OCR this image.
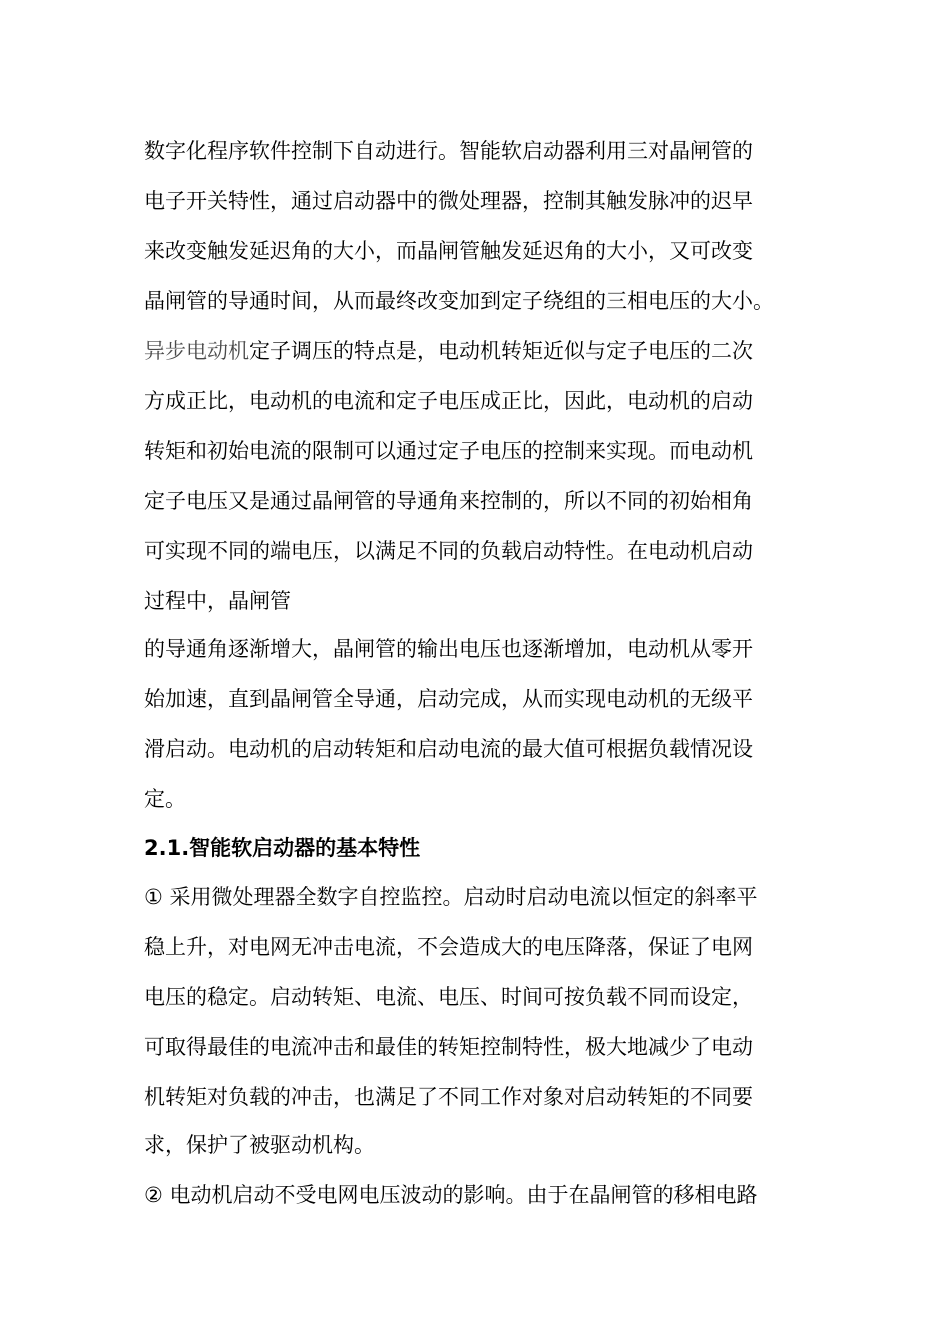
数字化程序软件控制下自动进行。智能软启动器利用三对晶闸管的
电子开关特性，通过启动器中的微处理器，控制其触发脉冲的迟早
来改变触发延迟角的大小，而晶闸管触发延迟角的大小，又可改变
晶闸管的导通时间，从而最终改变加到定子绕组的三相电压的大小。
异步电动机定子调压的特点是，电动机转矩近似与定子电压的二次
方成正比，电动机的电流和定子电压成正比，因此，电动机的启动
转矩和初始电流的限制可以通过定子电压的控制来实现。而电动机
定子电压又是通过晶闸管的导通角来控制的，所以不同的初始相角
可实现不同的端电压，以满足不同的负载启动特性。在电动机启动
过程中，晶闸管
的导通角逐渐增大，晶闸管的输出电压也逐渐增加，电动机从零开
始加速，直到晶闸管全导通，启动完成，从而实现电动机的无级平
滑启动。电动机的启动转矩和启动电流的最大值可根据负载情况设
定。
2.1.智能软启动器的基本特性
① 采用微处理器全数字自控监控。启动时启动电流以恒定的斜率平
稳上升，对电网无冲击电流，不会造成大的电压降落，保证了电网
电压的稳定。启动转矩、电流、电压、时间可按负载不同而设定，
可取得最佳的电流冲击和最佳的转矩控制特性，极大地减少了电动
机转矩对负载的冲击，也满足了不同工作对象对启动转矩的不同要
求，保护了被驱动机构。
② 电动机启动不受电网电压波动的影响。由于在晶闸管的移相电路
